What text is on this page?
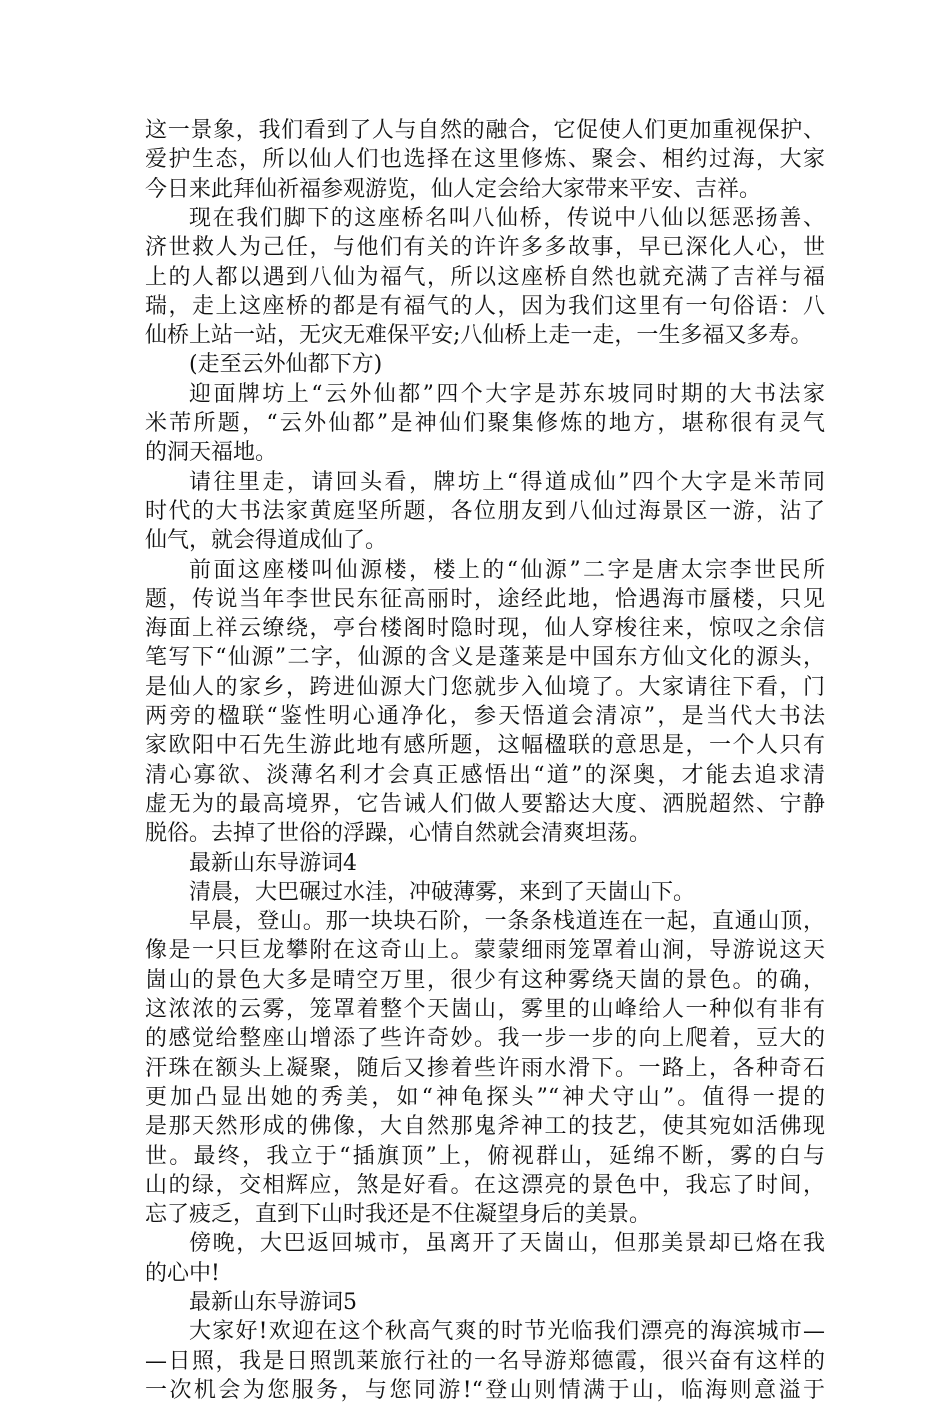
这一景象，我们看到了人与自然的融合，它促使人们更加重视保护、
爱护生态，所以仙人们也选择在这里修炼、聚会、相约过海，大家
今日来此拜仙祈福参观游览，仙人定会给大家带来平安、吉祥。
现在我们脚下的这座桥名叫八仙桥，传说中八仙以惩恶扬善、
济世救人为己任，与他们有关的许许多多故事，早已深化人心，世
上的人都以遇到八仙为福气，所以这座桥自然也就充满了吉祥与福
瑞，走上这座桥的都是有福气的人，因为我们这里有一句俗语：八
仙桥上站一站，无灾无难保平安;八仙桥上走一走，一生多福又多寿。
(走至云外仙都下方)
迎面牌坊上“云外仙都”四个大字是苏东坡同时期的大书法家
米芾所题，“云外仙都”是神仙们聚集修炼的地方，堪称很有灵气
的洞天福地。
请往里走，请回头看，牌坊上“得道成仙”四个大字是米芾同
时代的大书法家黄庭坚所题，各位朋友到八仙过海景区一游，沾了
仙气，就会得道成仙了。
前面这座楼叫仙源楼，楼上的“仙源”二字是唐太宗李世民所
题，传说当年李世民东征高丽时，途经此地，恰遇海市蜃楼，只见
海面上祥云缭绕，亭台楼阁时隐时现，仙人穿梭往来，惊叹之余信
笔写下“仙源”二字，仙源的含义是蓬莱是中国东方仙文化的源头，
是仙人的家乡，跨进仙源大门您就步入仙境了。大家请往下看，门
两旁的楹联“鉴性明心通净化，参天悟道会清凉”，是当代大书法
家欧阳中石先生游此地有感所题，这幅楹联的意思是，一个人只有
清心寡欲、淡薄名利才会真正感悟出“道”的深奥，才能去追求清
虚无为的最高境界，它告诫人们做人要豁达大度、洒脱超然、宁静
脱俗。去掉了世俗的浮躁，心情自然就会清爽坦荡。
最新山东导游词4
清晨，大巴碾过水洼，冲破薄雾，来到了天崮山下。
早晨，登山。那一块块石阶，一条条栈道连在一起，直通山顶，
像是一只巨龙攀附在这奇山上。蒙蒙细雨笼罩着山涧，导游说这天
崮山的景色大多是晴空万里，很少有这种雾绕天崮的景色。的确，
这浓浓的云雾，笼罩着整个天崮山，雾里的山峰给人一种似有非有
的感觉给整座山增添了些许奇妙。我一步一步的向上爬着，豆大的
汗珠在额头上凝聚，随后又掺着些许雨水滑下。一路上，各种奇石
更加凸显出她的秀美，如“神龟探头”“神犬守山”。值得一提的
是那天然形成的佛像，大自然那鬼斧神工的技艺，使其宛如活佛现
世。最终，我立于“插旗顶”上，俯视群山，延绵不断，雾的白与
山的绿，交相辉应，煞是好看。在这漂亮的景色中，我忘了时间，
忘了疲乏，直到下山时我还是不住凝望身后的美景。
傍晚，大巴返回城市，虽离开了天崮山，但那美景却已烙在我
的心中!
最新山东导游词5
大家好!欢迎在这个秋高气爽的时节光临我们漂亮的海滨城市—
—日照，我是日照凯莱旅行社的一名导游郑德霞，很兴奋有这样的
一次机会为您服务，与您同游!“登山则情满于山，临海则意溢于
